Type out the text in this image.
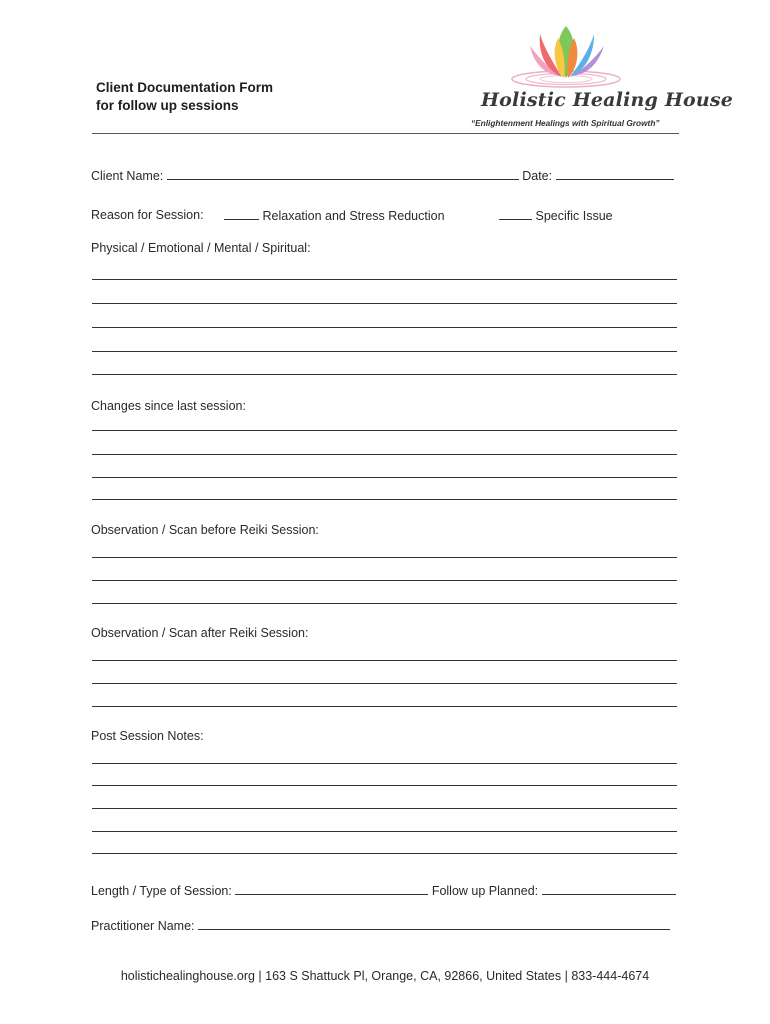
Client Documentation Form
for follow up sessions	Holistic Healing House
“Enlightenment Healings with Spiritual Growth”
Client Name:	Date:
Reason for Session:	Relaxation and Stress Reduction	Specific Issue
Physical / Emotional / Mental / Spiritual:
Changes since last session:
Observation / Scan before Reiki Session:
Observation / Scan after Reiki Session:
Post Session Notes:
Length / Type of Session:	Follow up Planned:
Practitioner Name:
holistichealinghouse.org | 163 S Shattuck Pl, Orange, CA, 92866, United States | 833-444-4674
